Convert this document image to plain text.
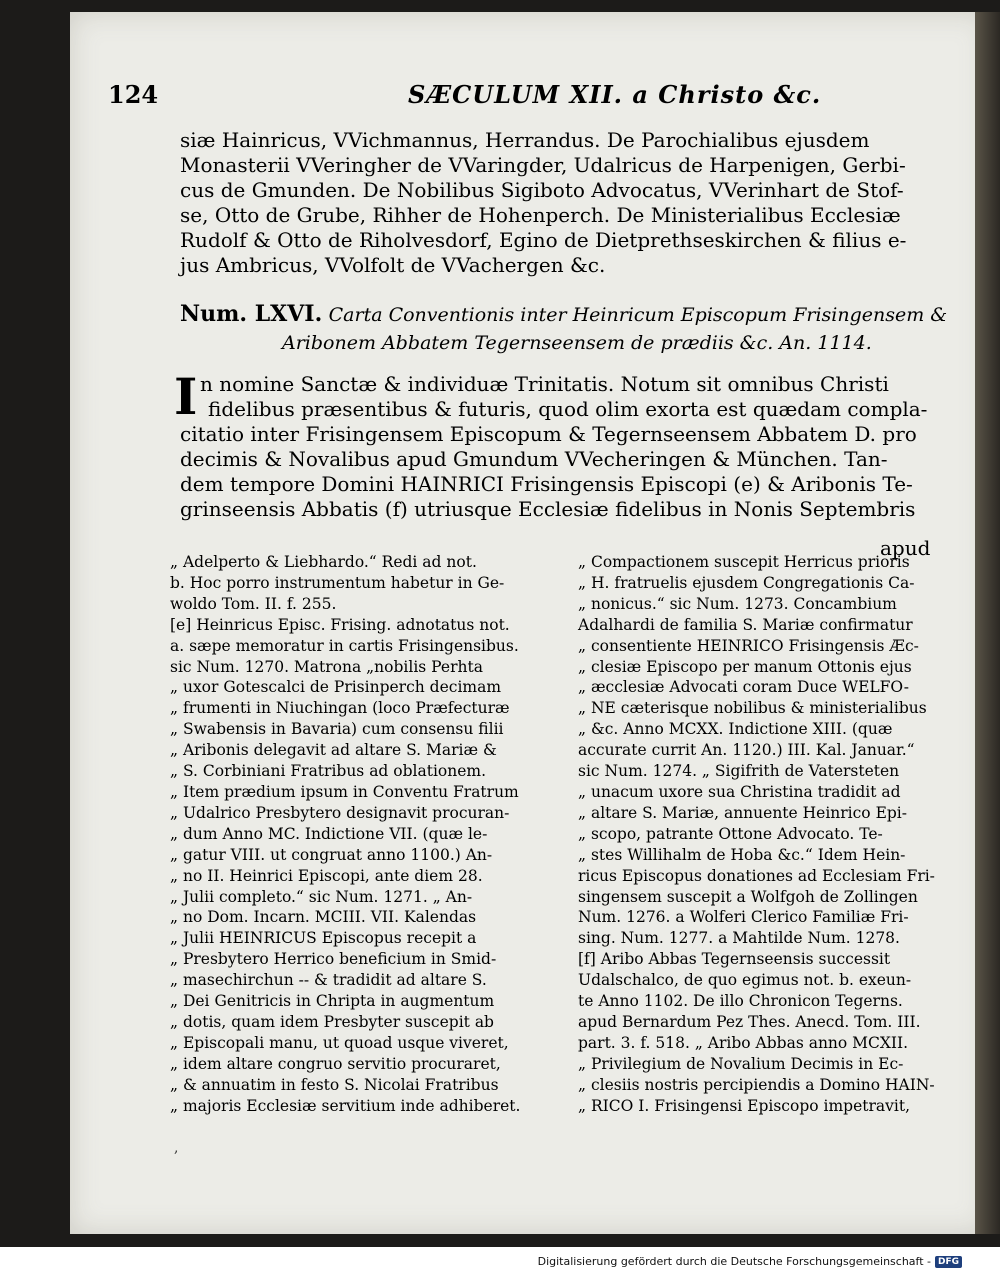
124	SÆCULUM XII. a Christo &c.
siæ Hainricus, VVichmannus, Herrandus. De Parochialibus ejusdem
Monasterii VVeringher de VVaringder, Udalricus de Harpenigen, Gerbi-
cus de Gmunden. De Nobilibus Sigiboto Advocatus, VVerinhart de Stof-
se, Otto de Grube, Rihher de Hohenperch. De Ministerialibus Ecclesiæ
Rudolf & Otto de Riholvesdorf, Egino de Dietprethseskirchen & filius e-
jus Ambricus, VVolfolt de VVachergen &c.
Num. LXVI. Carta Conventionis inter Heinricum Episcopum Frisingensem &
Aribonem Abbatem Tegernseensem de prædiis &c. An. 1114.
I n nomine Sanctæ & individuæ Trinitatis. Notum sit omnibus Christi
fidelibus præsentibus & futuris, quod olim exorta est quædam compla-
citatio inter Frisingensem Episcopum & Tegernseensem Abbatem D. pro
decimis & Novalibus apud Gmundum VVecheringen & München. Tan-
dem tempore Domini HAINRICI Frisingensis Episcopi (e) & Aribonis Te-
grinseensis Abbatis (f) utriusque Ecclesiæ fidelibus in Nonis Septembris
apud
„ Adelperto & Liebhardo.“ Redi ad not.
b. Hoc porro instrumentum habetur in Ge-
woldo Tom. II. f. 255.
[e] Heinricus Episc. Frising. adnotatus not.
a. sæpe memoratur in cartis Frisingensibus.
sic Num. 1270. Matrona „nobilis Perhta
„ uxor Gotescalci de Prisinperch decimam
„ frumenti in Niuchingan (loco Præfecturæ
„ Swabensis in Bavaria) cum consensu filii
„ Aribonis delegavit ad altare S. Mariæ &
„ S. Corbiniani Fratribus ad oblationem.
„ Item prædium ipsum in Conventu Fratrum
„ Udalrico Presbytero designavit procuran-
„ dum Anno MC. Indictione VII. (quæ le-
„ gatur VIII. ut congruat anno 1100.) An-
„ no II. Heinrici Episcopi, ante diem 28.
„ Julii completo.“ sic Num. 1271. „ An-
„ no Dom. Incarn. MCIII. VII. Kalendas
„ Julii HEINRICUS Episcopus recepit a
„ Presbytero Herrico beneficium in Smid-
„ masechirchun -- & tradidit ad altare S.
„ Dei Genitricis in Chripta in augmentum
„ dotis, quam idem Presbyter suscepit ab
„ Episcopali manu, ut quoad usque viveret,
„ idem altare congruo servitio procuraret,
„ & annuatim in festo S. Nicolai Fratribus
„ majoris Ecclesiæ servitium inde adhiberet.
„ Compactionem suscepit Herricus prioris
„ H. fratruelis ejusdem Congregationis Ca-
„ nonicus.“ sic Num. 1273. Concambium
Adalhardi de familia S. Mariæ confirmatur
„ consentiente HEINRICO Frisingensis Æc-
„ clesiæ Episcopo per manum Ottonis ejus
„ æcclesiæ Advocati coram Duce WELFO-
„ NE cæterisque nobilibus & ministerialibus
„ &c. Anno MCXX. Indictione XIII. (quæ
accurate currit An. 1120.) III. Kal. Januar.“
sic Num. 1274. „ Sigifrith de Vatersteten
„ unacum uxore sua Christina tradidit ad
„ altare S. Mariæ, annuente Heinrico Epi-
„ scopo, patrante Ottone Advocato. Te-
„ stes Willihalm de Hoba &c.“ Idem Hein-
ricus Episcopus donationes ad Ecclesiam Fri-
singensem suscepit a Wolfgoh de Zollingen
Num. 1276. a Wolferi Clerico Familiæ Fri-
sing. Num. 1277. a Mahtilde Num. 1278.
[f] Aribo Abbas Tegernseensis successit
Udalschalco, de quo egimus not. b. exeun-
te Anno 1102. De illo Chronicon Tegerns.
apud Bernardum Pez Thes. Anecd. Tom. III.
part. 3. f. 518. „ Aribo Abbas anno MCXII.
„ Privilegium de Novalium Decimis in Ec-
„ clesiis nostris percipiendis a Domino HAIN-
„ RICO I. Frisingensi Episcopo impetravit,
,
Digitalisierung gefördert durch die Deutsche Forschungsgemeinschaft - DFG
